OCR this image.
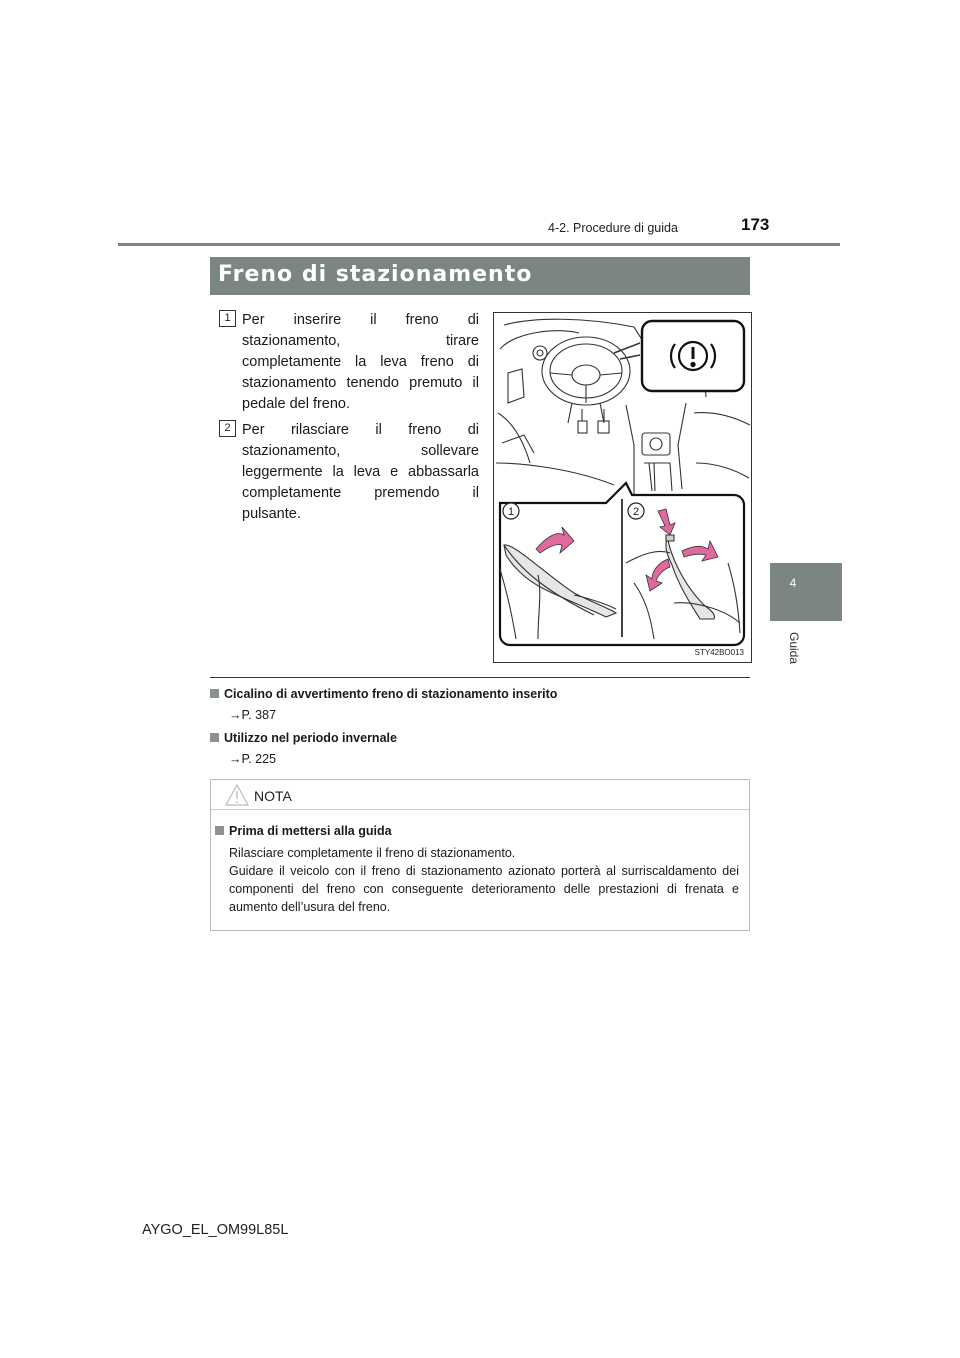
4-2. Procedure di guida	173
4
Guida
Freno di stazionamento
1 Per inserire il freno di stazionamento, tirare completamente la leva freno di stazionamento tenendo premuto il pedale del freno.
2 Per rilasciare il freno di stazionamento, sollevare leggermente la leva e abbassarla completamente premendo il pulsante.	1	2
STY42BO013
Cicalino di avvertimento freno di stazionamento inserito
→P. 387
Utilizzo nel periodo invernale
→P. 225
NOTA
Prima di mettersi alla guida

Rilasciare completamente il freno di stazionamento.

Guidare il veicolo con il freno di stazionamento azionato porterà al surriscaldamento dei componenti del freno con conseguente deterioramento delle prestazioni di frenata e aumento dell’usura del freno.

AYGO_EL_OM99L85L
